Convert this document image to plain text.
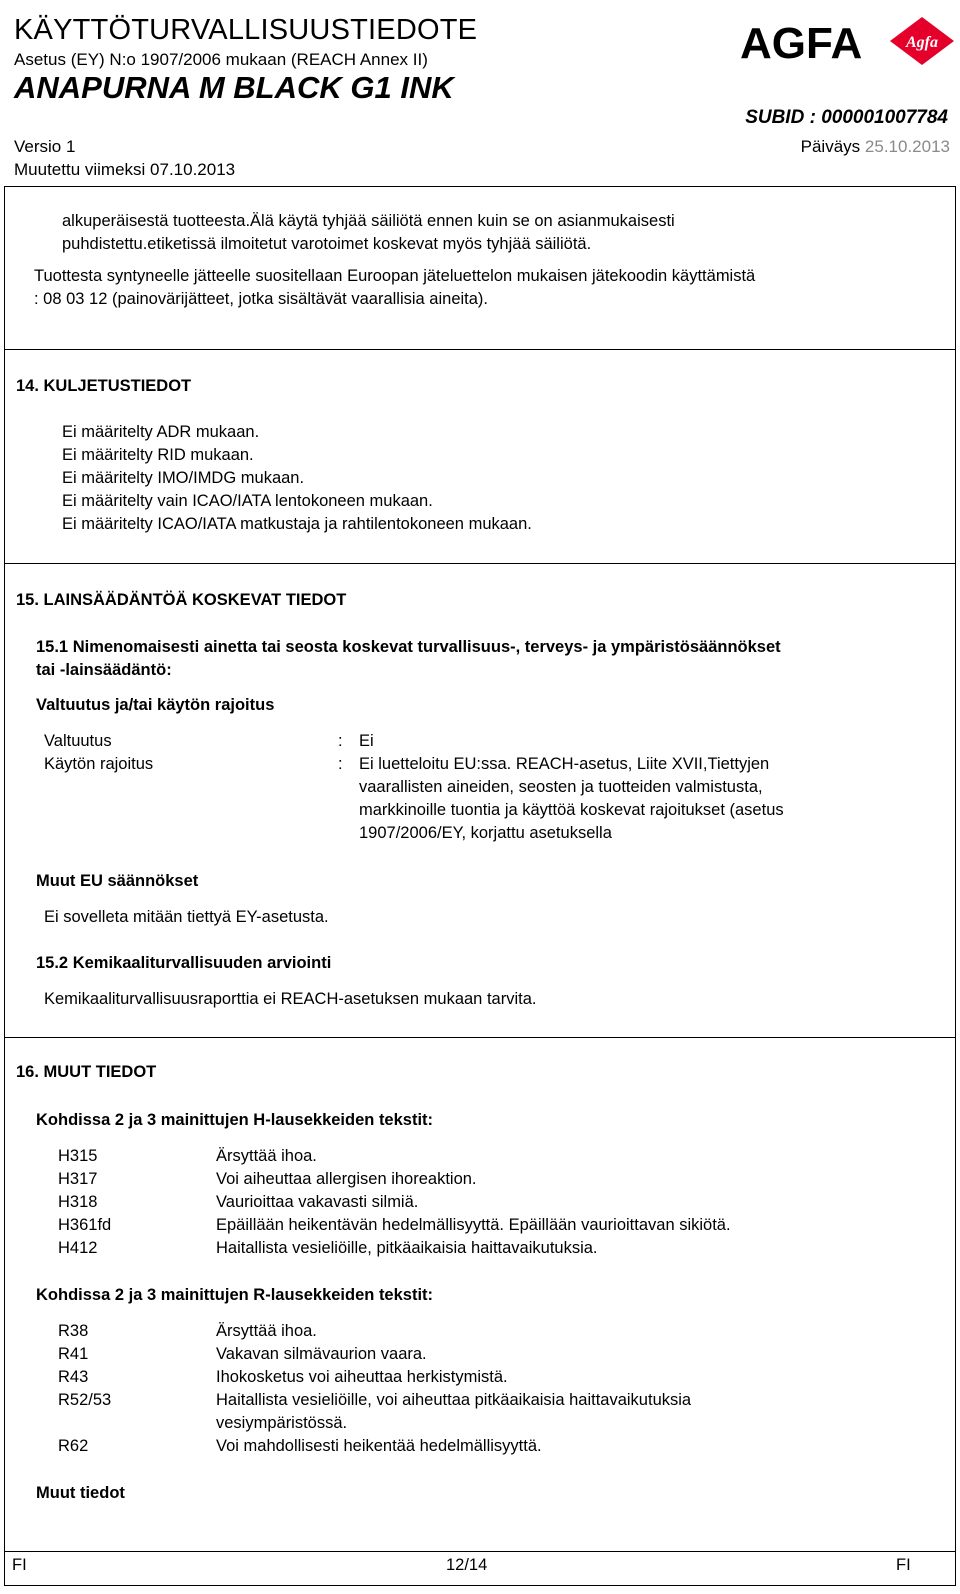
KÄYTTÖTURVALLISUUSTIEDOTE
Asetus (EY) N:o 1907/2006 mukaan (REACH Annex II)
ANAPURNA M BLACK G1 INK
AGFA	Agfa
SUBID : 000001007784
Versio 1
Muutettu viimeksi 07.10.2013
Päiväys 25.10.2013
alkuperäisestä tuotteesta.Älä käytä tyhjää säiliötä ennen kuin se on asianmukaisesti
puhdistettu.etiketissä ilmoitetut varotoimet koskevat myös tyhjää säiliötä.
Tuottesta syntyneelle jätteelle suositellaan Euroopan jäteluettelon mukaisen jätekoodin käyttämistä
: 08 03 12 (painovärijätteet, jotka sisältävät vaarallisia aineita).
14. KULJETUSTIEDOT
Ei määritelty ADR mukaan.
Ei määritelty RID mukaan.
Ei määritelty IMO/IMDG mukaan.
Ei määritelty vain ICAO/IATA lentokoneen mukaan.
Ei määritelty ICAO/IATA matkustaja ja rahtilentokoneen mukaan.
15. LAINSÄÄDÄNTÖÄ KOSKEVAT TIEDOT
15.1 Nimenomaisesti ainetta tai seosta koskevat turvallisuus-, terveys- ja ympäristösäännökset
tai -lainsäädäntö:
Valtuutus ja/tai käytön rajoitus
Valtuutus	: Ei
Käytön rajoitus	: Ei luetteloitu EU:ssa. REACH-asetus, Liite XVII,Tiettyjen
vaarallisten aineiden, seosten ja tuotteiden valmistusta,
markkinoille tuontia ja käyttöä koskevat rajoitukset (asetus
1907/2006/EY, korjattu asetuksella
Muut EU säännökset
Ei sovelleta mitään tiettyä EY-asetusta.
15.2 Kemikaaliturvallisuuden arviointi
Kemikaaliturvallisuusraporttia ei REACH-asetuksen mukaan tarvita.
16. MUUT TIEDOT
Kohdissa 2 ja 3 mainittujen H-lausekkeiden tekstit:
H315	Ärsyttää ihoa.
H317	Voi aiheuttaa allergisen ihoreaktion.
H318	Vaurioittaa vakavasti silmiä.
H361fd	Epäillään heikentävän hedelmällisyyttä. Epäillään vaurioittavan sikiötä.
H412	Haitallista vesieliöille, pitkäaikaisia haittavaikutuksia.
Kohdissa 2 ja 3 mainittujen R-lausekkeiden tekstit:
R38	Ärsyttää ihoa.
R41	Vakavan silmävaurion vaara.
R43	Ihokosketus voi aiheuttaa herkistymistä.
R52/53	Haitallista vesieliöille, voi aiheuttaa pitkäaikaisia haittavaikutuksia
vesiympäristössä.
R62	Voi mahdollisesti heikentää hedelmällisyyttä.
Muut tiedot
FI	12/14	FI
